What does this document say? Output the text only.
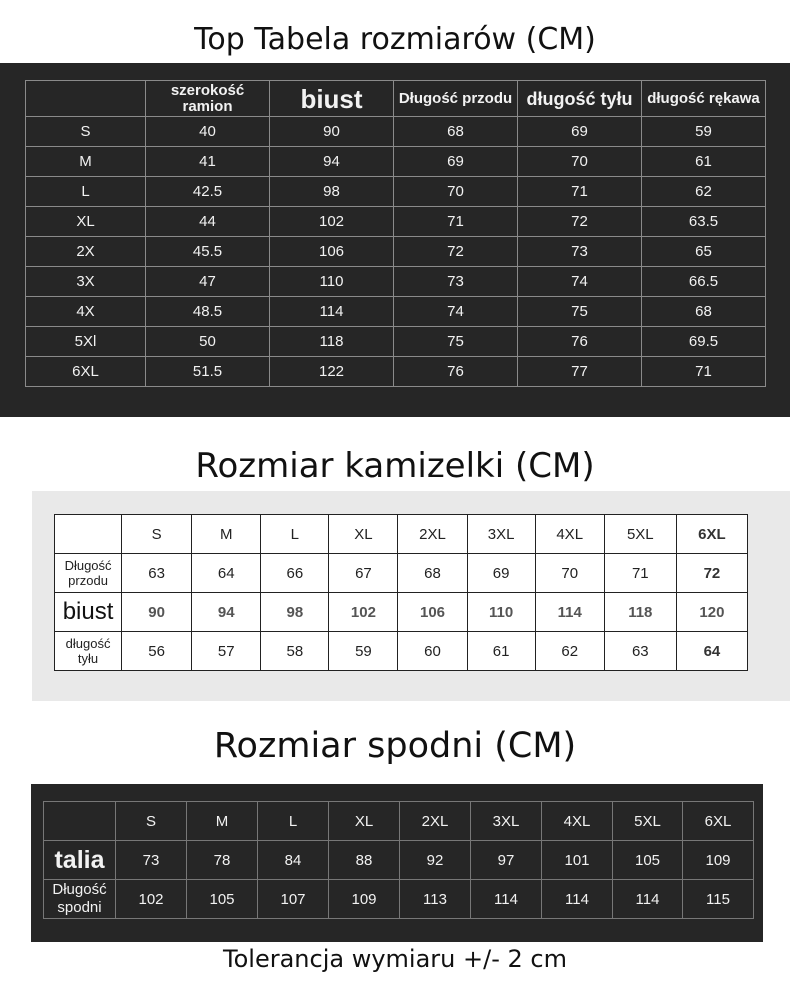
Top Tabela rozmiarów (CM)
	szerokość ramion	biust	Długość przodu	długość tyłu	długość rękawa
S	40	90	68	69	59
M	41	94	69	70	61
L	42.5	98	70	71	62
XL	44	102	71	72	63.5
2X	45.5	106	72	73	65
3X	47	110	73	74	66.5
4X	48.5	114	74	75	68
5Xl	50	118	75	76	69.5
6XL	51.5	122	76	77	71
Rozmiar kamizelki (CM)
	S	M	L	XL	2XL	3XL	4XL	5XL	6XL
Długość przodu	63	64	66	67	68	69	70	71	72
biust	90	94	98	102	106	110	114	118	120
długość tyłu	56	57	58	59	60	61	62	63	64
Rozmiar spodni (CM)
	S	M	L	XL	2XL	3XL	4XL	5XL	6XL
talia	73	78	84	88	92	97	101	105	109
Długość spodni	102	105	107	109	113	114	114	114	115
Tolerancja wymiaru +/- 2 cm
